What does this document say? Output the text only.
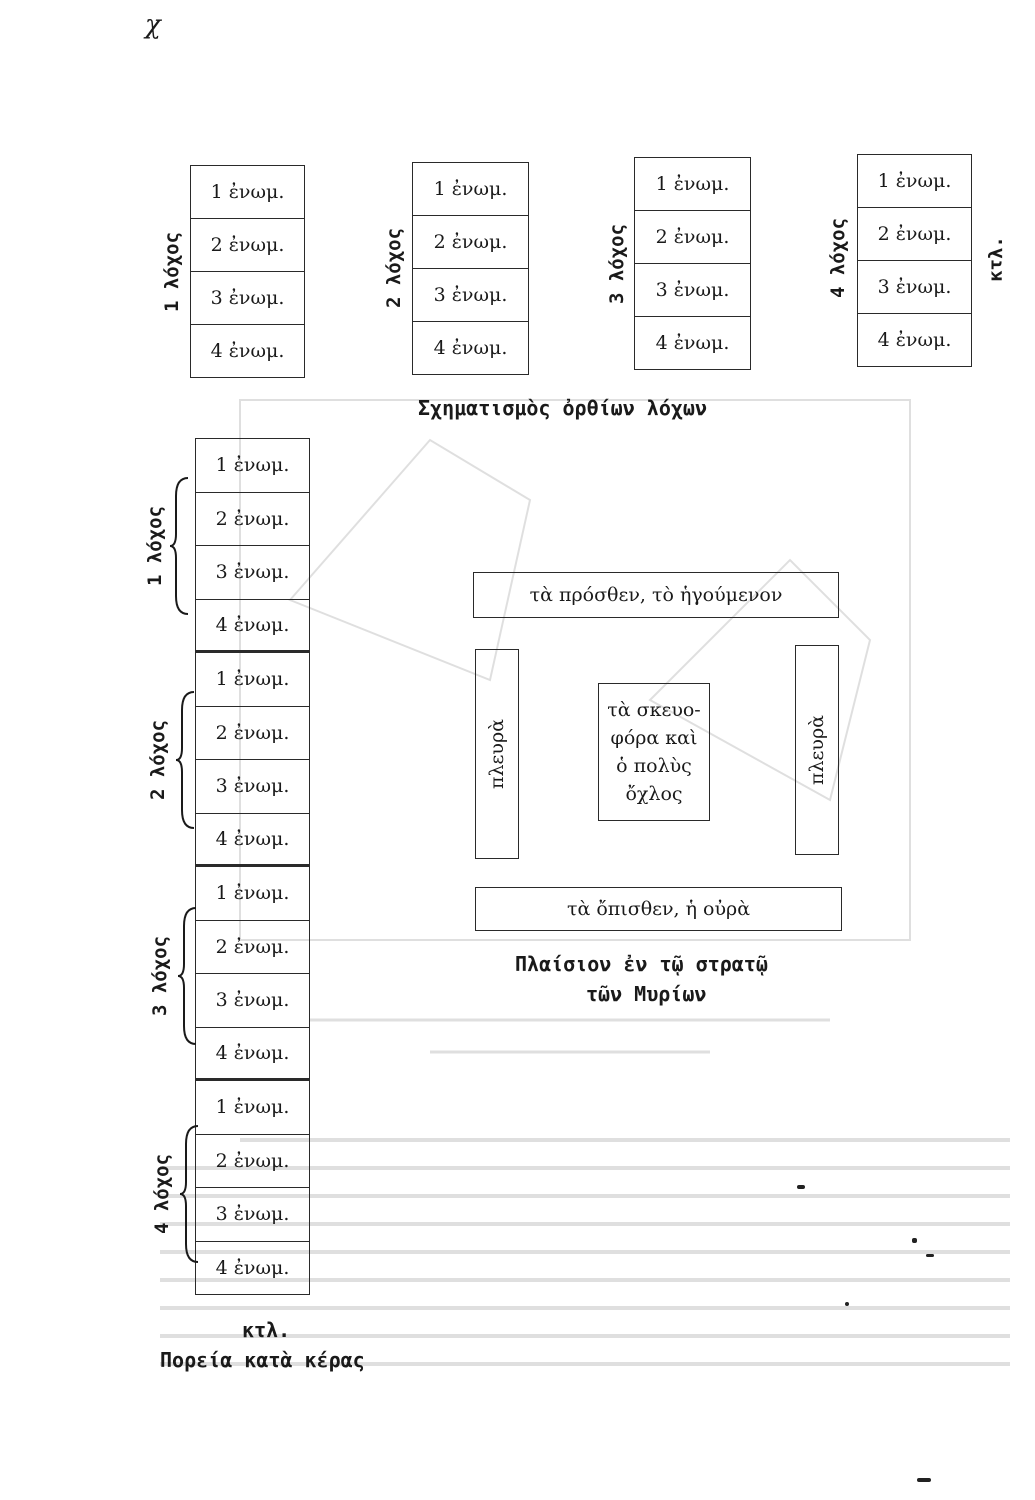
χ
1 ἐνωμ.
2 ἐνωμ.
3 ἐνωμ.
4 ἐνωμ.
1 λόχος
1 ἐνωμ.
2 ἐνωμ.
3 ἐνωμ.
4 ἐνωμ.
2 λόχος
1 ἐνωμ.
2 ἐνωμ.
3 ἐνωμ.
4 ἐνωμ.
3 λόχος
1 ἐνωμ.
2 ἐνωμ.
3 ἐνωμ.
4 ἐνωμ.
4 λόχος	κτλ.
Σχηματισμὸς ὀρθίων λόχων
1 ἐνωμ.
2 ἐνωμ.
3 ἐνωμ.
4 ἐνωμ.
1 ἐνωμ.
2 ἐνωμ.
3 ἐνωμ.
4 ἐνωμ.
1 ἐνωμ.
2 ἐνωμ.
3 ἐνωμ.
4 ἐνωμ.
1 ἐνωμ.
2 ἐνωμ.
3 ἐνωμ.
4 ἐνωμ.
1 λόχος
2 λόχος
3 λόχος
4 λόχος
κτλ.
Πορεία κατὰ κέρας
τὰ πρόσθεν, τὸ ἡγούμενον
πλευρὰ	πλευρὰ
τὰ σκευο-
φόρα καὶ
ὁ πολὺς
ὄχλος
τὰ ὄπισθεν, ἡ οὐρὰ
Πλαίσιον ἐν τῷ στρατῷ
τῶν Μυρίων
